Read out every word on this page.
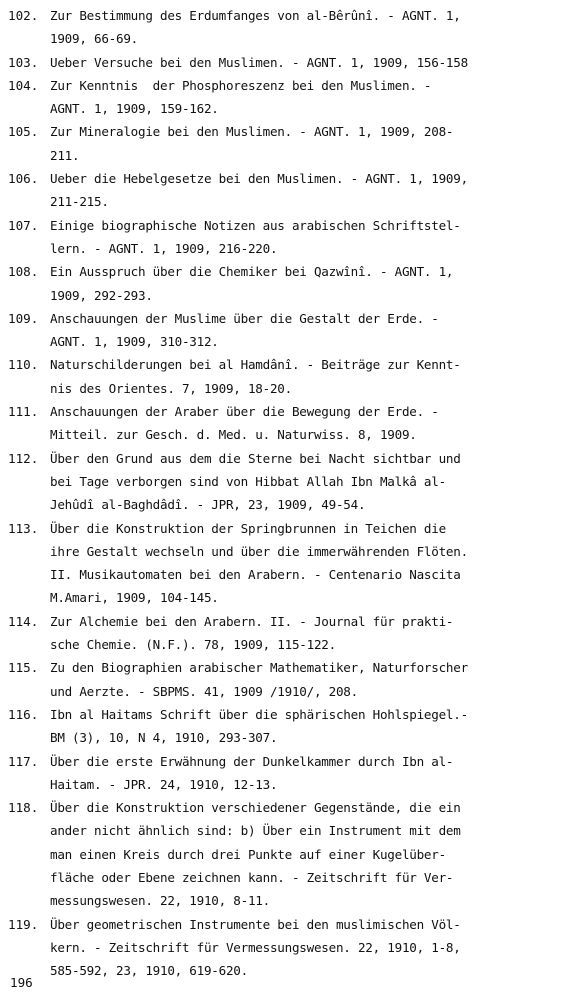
102. Zur Bestimmung des Erdumfanges von al-Bêrûnî. - AGNT. 1,
1909, 66-69.
103. Ueber Versuche bei den Muslimen. - AGNT. 1, 1909, 156-158
104. Zur Kenntnis  der Phosphoreszenz bei den Muslimen. -
AGNT. 1, 1909, 159-162.
105. Zur Mineralogie bei den Muslimen. - AGNT. 1, 1909, 208-
211.
106. Ueber die Hebelgesetze bei den Muslimen. - AGNT. 1, 1909,
211-215.
107. Einige biographische Notizen aus arabischen Schriftstel-
lern. - AGNT. 1, 1909, 216-220.
108. Ein Ausspruch über die Chemiker bei Qazwînî. - AGNT. 1,
1909, 292-293.
109. Anschauungen der Muslime über die Gestalt der Erde. -
AGNT. 1, 1909, 310-312.
110. Naturschilderungen bei al Hamdânî. - Beiträge zur Kennt-
nis des Orientes. 7, 1909, 18-20.
111. Anschauungen der Araber über die Bewegung der Erde. -
Mitteil. zur Gesch. d. Med. u. Naturwiss. 8, 1909.
112. Über den Grund aus dem die Sterne bei Nacht sichtbar und
bei Tage verborgen sind von Hibbat Allah Ibn Malkâ al-
Jehûdî al-Baghdâdî. - JPR, 23, 1909, 49-54.
113. Über die Konstruktion der Springbrunnen in Teichen die
ihre Gestalt wechseln und über die immerwährenden Flöten.
II. Musikautomaten bei den Arabern. - Centenario Nascita
M.Amari, 1909, 104-145.
114. Zur Alchemie bei den Arabern. II. - Journal für prakti-
sche Chemie. (N.F.). 78, 1909, 115-122.
115. Zu den Biographien arabischer Mathematiker, Naturforscher
und Aerzte. - SBPMS. 41, 1909 /1910/, 208.
116. Ibn al Haitams Schrift über die sphärischen Hohlspiegel.-
BM (3), 10, N 4, 1910, 293-307.
117. Über die erste Erwähnung der Dunkelkammer durch Ibn al-
Haitam. - JPR. 24, 1910, 12-13.
118. Über die Konstruktion verschiedener Gegenstände, die ein
ander nicht ähnlich sind: b) Über ein Instrument mit dem
man einen Kreis durch drei Punkte auf einer Kugelüber-
fläche oder Ebene zeichnen kann. - Zeitschrift für Ver-
messungswesen. 22, 1910, 8-11.
119. Über geometrischen Instrumente bei den muslimischen Völ-
kern. - Zeitschrift für Vermessungswesen. 22, 1910, 1-8,
585-592, 23, 1910, 619-620.
196
